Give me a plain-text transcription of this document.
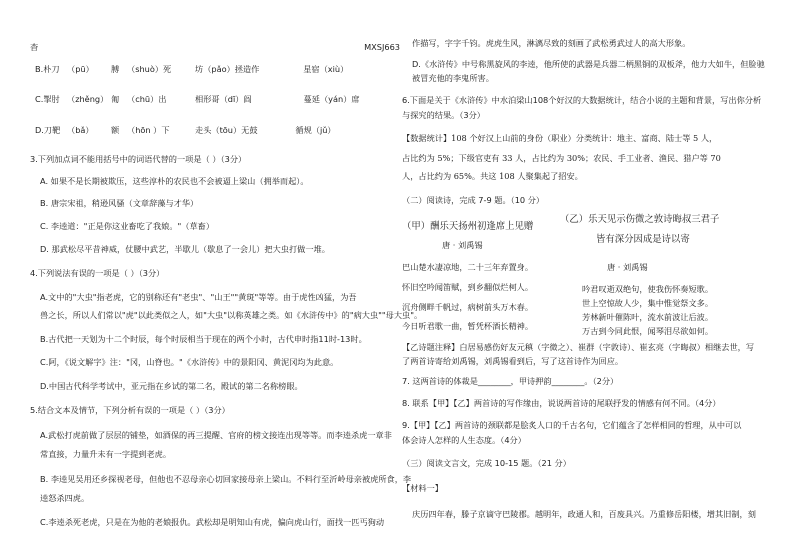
杳	MXSJ663
B.朴刀 （pū） 膊 （shuò）死	坊（pǎo）拯造作	星宿（xiù）
C.掣肘 （zhěng） 匍 （chū）出	相形哥（dī）阎	蔓延（yán）席
D.刀靶 （bǎ） 额 （hōn ）下	走头（tōu）无鼓	循规（jǔ）
3.下列加点词不能用括号中的词语代替的一项是（ ）（3分）
A. 如果不是长期被欺压，这些淳朴的农民也不会被逼上梁山（拥举而起）。
B. 唐宗宋祖，稍逊风骚（文章辞藻与才华）
C. 李逵道："正是你这业畜吃了我娘。"（草畜）
D. 那武松尽平昔神威，仗腰中武艺，半歇儿（歇息了一会儿）把大虫打做一堆。
4.下列说法有误的一项是（ ）（3分）
A.文中的"大虫"指老虎，它的别称还有"老虫"、"山王""黄斑"等等。由于虎性凶猛，为吾
兽之长，所以人们常以"虎"以此类似之人，如"大虫"以称英雄之类。如《水浒传中》的"病大虫""母大虫"。
B.古代把一天划为十二个时辰，每个时辰相当于现在的两个小时，古代申时指11时-13时。
C.阿，《说文解字》注："冈，山脊也。"《水浒传》中的景阳冈、黄泥冈均为此意。
D.中国古代科学考试中，亚元指在乡试的第二名，殿试的第二名称榜眼。
5.结合文本及情节，下列分析有误的一项是（ ）（3分）
A.武松打虎前做了层层的铺垫，如酒保的再三提醒、官府的榜文接连出现等等。而李逵杀虎一章非
常直接，力量升未有一字提到老虎。
B. 李逵见吴用还乡探视老母，但他也不忍母亲心切回家接母亲上梁山。不料行至沂岭母亲被虎所食，李
逵怒杀四虎。
C.李逵杀死老虎，只是在为他的老娘报仇。武松却是明知山有虎，偏向虎山行，面找一匹丐狗动
作描写，字字千钧。虎虎生风，淋漓尽致的刻画了武松勇武过人的高大形象。
D.《水浒传》中号称黑旋风的李逵，他所使的武器是兵器二柄黑铜的双板斧，他力大如牛，但脸驰
被冒充他的李鬼所害。
6.下面是关于《水浒传》中水泊梁山108个好汉的大数据统计，结合小说的主题和背景，写出你分析
与探究的结果。（3分）
【数据统计】108 个好汉上山前的身份（职业）分类统计：地主、富商、陆士等 5 人，
占比约为 5%；下级官吏有 33 人，占比约为 30%；农民、手工业者、渔民、猎户等 70
人，占比约为 65%。共这 108 人聚集起了招安。
（二）阅读诗，完成 7-9 题。（10 分）
（甲）酬乐天扬州初逢席上见赠
（乙）乐天见示伤微之敦诗晦叔三君子
皆有深分因成是诗以寄
唐 · 刘禹锡
唐 · 刘禹锡
巴山楚水凄凉地，二十三年弃置身。
怀旧空吟闻笛赋，到乡翻似烂柯人。
沉舟侧畔千帆过，病树前头万木春。
今日听君歌一曲，暂凭杯酒长精神。
吟君叹逝双绝句，使我伤怀奏短歌。
世上空惊故人少，集中惟觉祭文多。
芳林新叶催陈叶，流水前波让后波。
万古到今同此恨，闻琴泪尽欲如何。
【乙诗题注释】白居易感伤好友元稹（字微之）、崔群（字敦诗）、崔玄亮（字晦叔）相继去世，写
了两首诗寄给刘禹锡，刘禹锡看到后，写了这首诗作为回应。
7. 这两首诗的体裁是________，甲诗押韵________。（2分）
8. 联系【甲】【乙】两首诗的写作缘由，说说两首诗的尾联抒发的情感有何不同。（4分）
9.【甲】【乙】两首诗的颈联都是脍炙人口的千古名句，它们蕴含了怎样相同的哲理，从中可以
体会诗人怎样的人生态度。（4分）
（三）阅读文言文，完成 10-15 题。（21 分）
【材料一】
庆历四年春，滕子京谪守巴陵郡。越明年，政通人和，百废具兴。乃重修岳阳楼，增其旧制，刻
